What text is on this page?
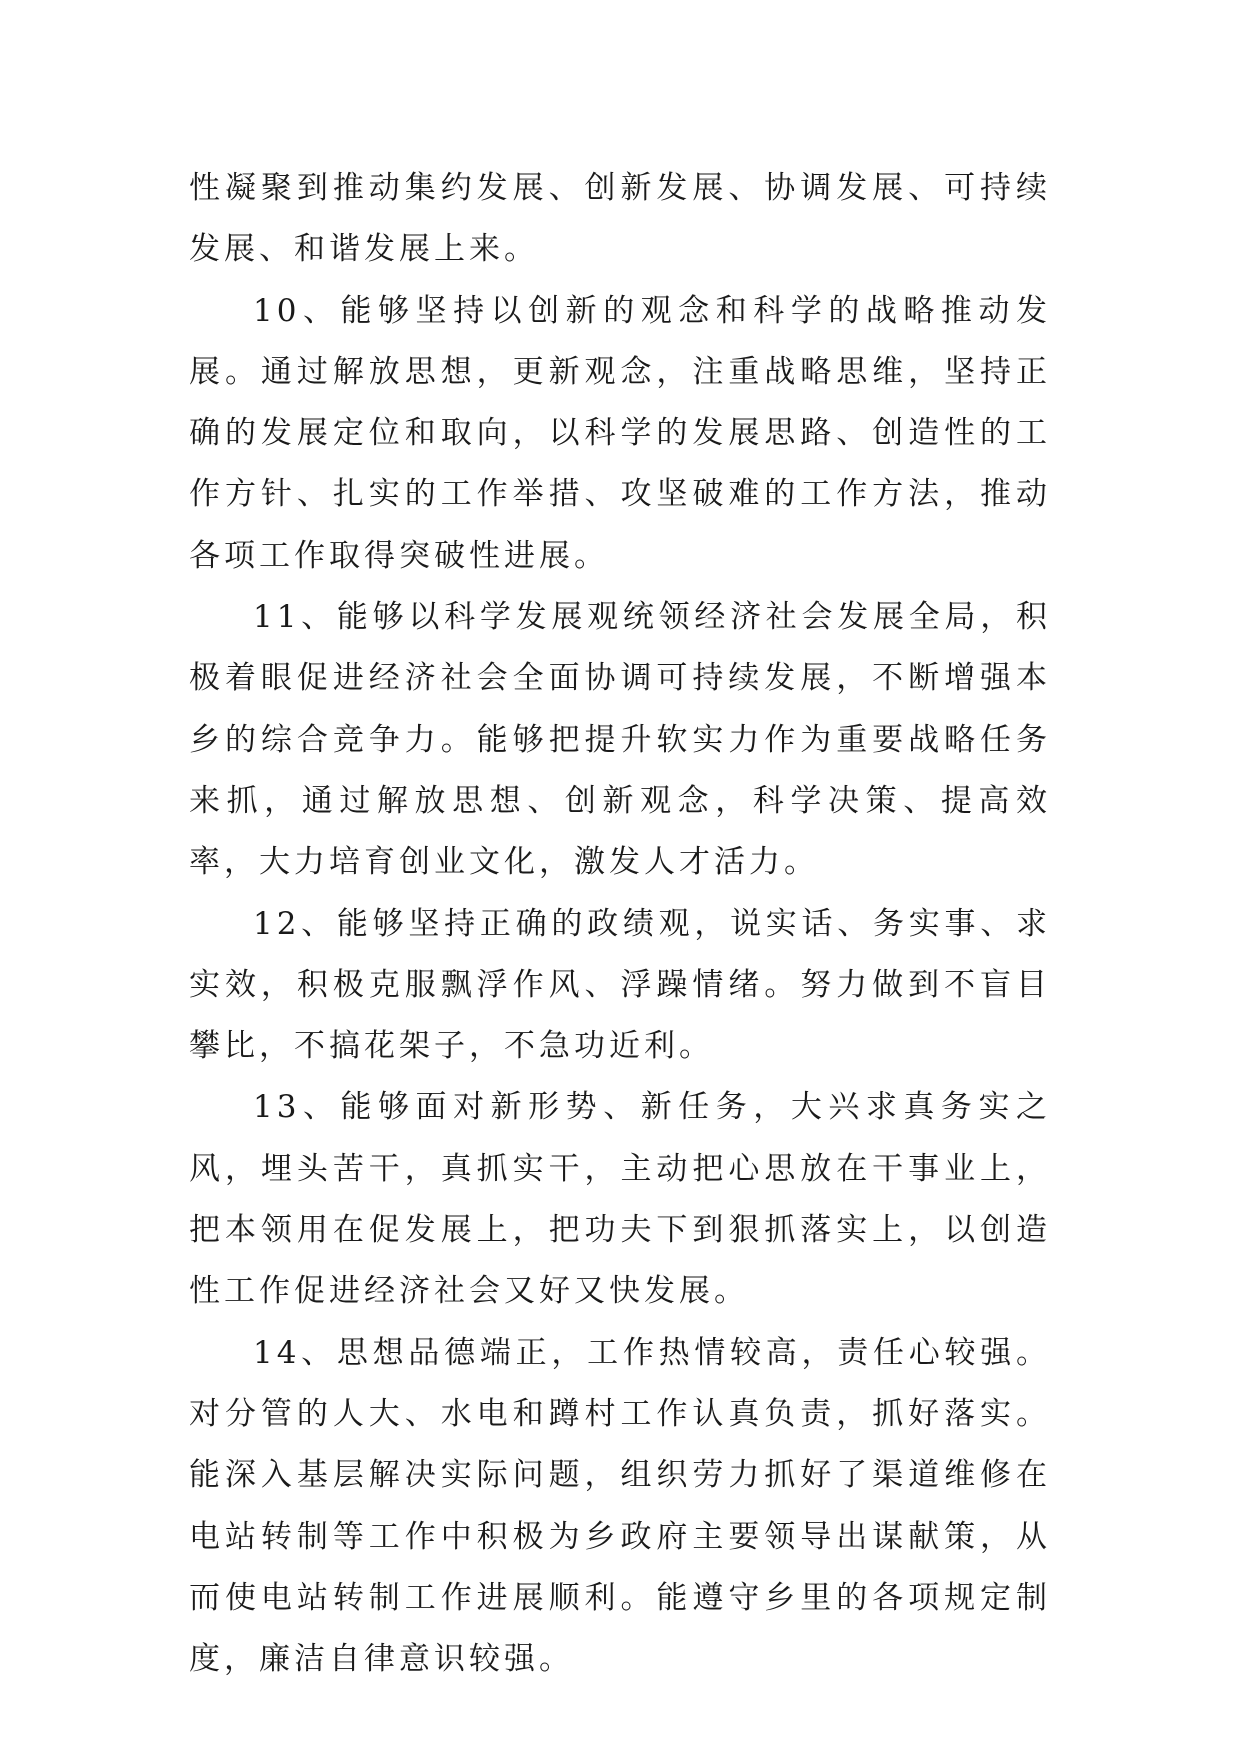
性凝聚到推动集约发展、创新发展、协调发展、可持续发展、和谐发展上来。

10、能够坚持以创新的观念和科学的战略推动发展。通过解放思想，更新观念，注重战略思维，坚持正确的发展定位和取向，以科学的发展思路、创造性的工作方针、扎实的工作举措、攻坚破难的工作方法，推动各项工作取得突破性进展。

11、能够以科学发展观统领经济社会发展全局，积极着眼促进经济社会全面协调可持续发展，不断增强本乡的综合竞争力。能够把提升软实力作为重要战略任务来抓，通过解放思想、创新观念，科学决策、提高效率，大力培育创业文化，激发人才活力。

12、能够坚持正确的政绩观，说实话、务实事、求实效，积极克服飘浮作风、浮躁情绪。努力做到不盲目攀比，不搞花架子，不急功近利。

13、能够面对新形势、新任务，大兴求真务实之风，埋头苦干，真抓实干，主动把心思放在干事业上，把本领用在促发展上，把功夫下到狠抓落实上，以创造性工作促进经济社会又好又快发展。

14、思想品德端正，工作热情较高，责任心较强。对分管的人大、水电和蹲村工作认真负责，抓好落实。能深入基层解决实际问题，组织劳力抓好了渠道维修在电站转制等工作中积极为乡政府主要领导出谋献策，从而使电站转制工作进展顺利。能遵守乡里的各项规定制度，廉洁自律意识较强。
